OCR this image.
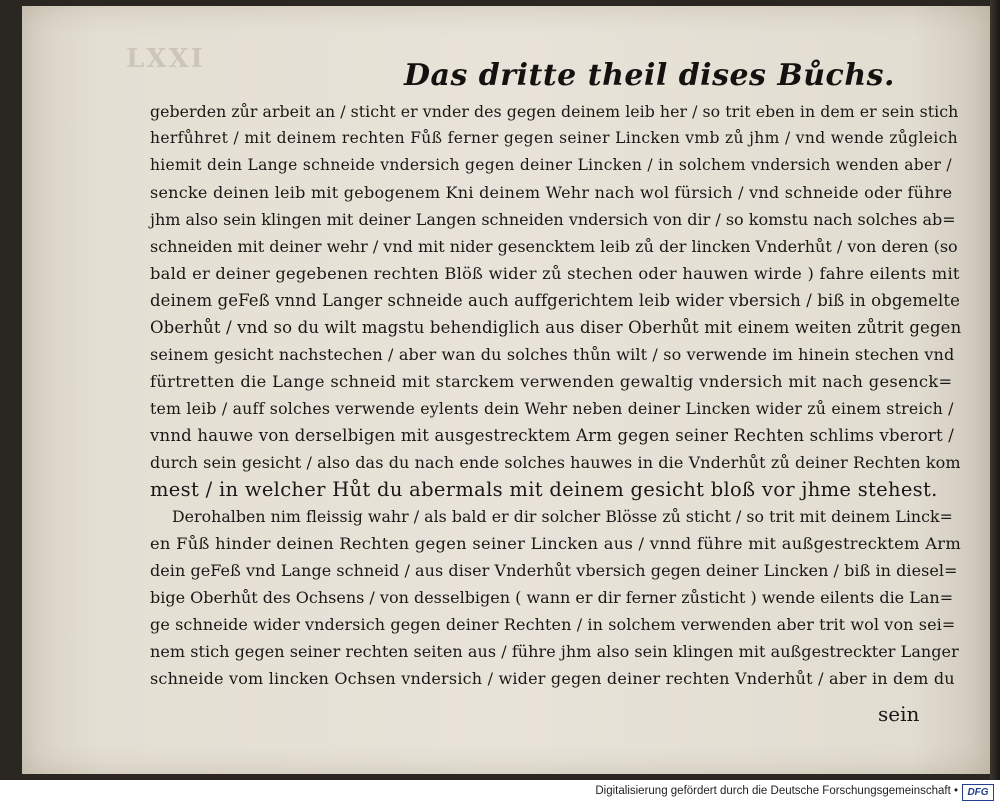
LXXI	Das dritte theil dises Bůchs.
geberden zůr arbeit an / sticht er vnder des gegen deinem leib her / so trit eben in dem er sein stich
herfůhret / mit deinem rechten Fůß ferner gegen seiner Lincken vmb zů jhm / vnd wende zůgleich
hiemit dein Lange schneide vndersich gegen deiner Lincken / in solchem vndersich wenden aber /
sencke deinen leib mit gebogenem Kni deinem Wehr nach wol fürsich / vnd schneide oder führe
jhm also sein klingen mit deiner Langen schneiden vndersich von dir / so komstu nach solches ab=
schneiden mit deiner wehr / vnd mit nider gesencktem leib zů der lincken Vnderhůt / von deren (so
bald er deiner gegebenen rechten Blöß wider zů stechen oder hauwen wirde ) fahre eilents mit
deinem geFeß vnnd Langer schneide auch auffgerichtem leib wider vbersich / biß in obgemelte
Oberhůt / vnd so du wilt magstu behendiglich aus diser Oberhůt mit einem weiten zůtrit gegen
seinem gesicht nachstechen / aber wan du solches thůn wilt / so verwende im hinein stechen vnd
fürtretten die Lange schneid mit starckem verwenden gewaltig vndersich mit nach gesenck=
tem leib / auff solches verwende eylents dein Wehr neben deiner Lincken wider zů einem streich /
vnnd hauwe von derselbigen mit ausgestrecktem Arm gegen seiner Rechten schlims vberort /
durch sein gesicht / also das du nach ende solches hauwes in die Vnderhůt zů deiner Rechten kom
mest / in welcher Hůt du abermals mit deinem gesicht bloß vor jhme stehest.
Derohalben nim fleissig wahr / als bald er dir solcher Blösse zů sticht / so trit mit deinem Linck=
en Fůß hinder deinen Rechten gegen seiner Lincken aus / vnnd führe mit außgestrecktem Arm
dein geFeß vnd Lange schneid / aus diser Vnderhůt vbersich gegen deiner Lincken / biß in diesel=
bige Oberhůt des Ochsens / von desselbigen ( wann er dir ferner zůsticht ) wende eilents die Lan=
ge schneide wider vndersich gegen deiner Rechten / in solchem verwenden aber trit wol von sei=
nem stich gegen seiner rechten seiten aus / führe jhm also sein klingen mit außgestreckter Langer
schneide vom lincken Ochsen vndersich / wider gegen deiner rechten Vnderhůt / aber in dem du
sein
Digitalisierung gefördert durch die Deutsche Forschungsgemeinschaft • DFG
